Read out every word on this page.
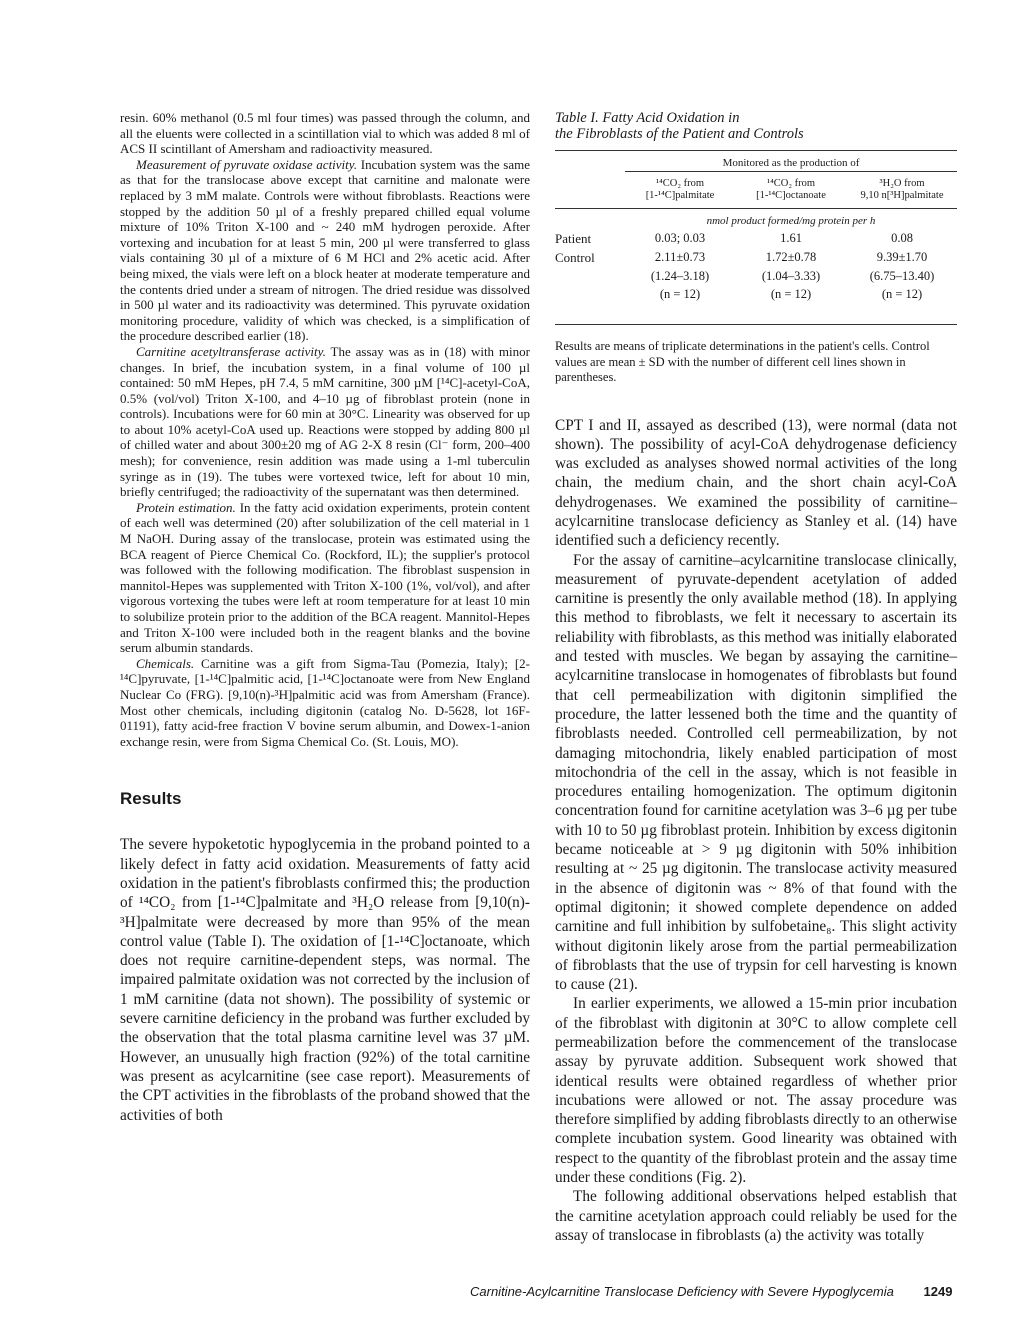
resin. 60% methanol (0.5 ml four times) was passed through the column, and all the eluents were collected in a scintillation vial to which was added 8 ml of ACS II scintillant of Amersham and radioactivity measured.

Measurement of pyruvate oxidase activity. Incubation system was the same as that for the translocase above except that carnitine and malonate were replaced by 3 mM malate. Controls were without fibroblasts. Reactions were stopped by the addition 50 µl of a freshly prepared chilled equal volume mixture of 10% Triton X-100 and ~ 240 mM hydrogen peroxide. After vortexing and incubation for at least 5 min, 200 µl were transferred to glass vials containing 30 µl of a mixture of 6 M HCl and 2% acetic acid. After being mixed, the vials were left on a block heater at moderate temperature and the contents dried under a stream of nitrogen. The dried residue was dissolved in 500 µl water and its radioactivity was determined. This pyruvate oxidation monitoring procedure, validity of which was checked, is a simplification of the procedure described earlier (18).

Carnitine acetyltransferase activity. The assay was as in (18) with minor changes. In brief, the incubation system, in a final volume of 100 µl contained: 50 mM Hepes, pH 7.4, 5 mM carnitine, 300 µM [¹⁴C]-acetyl-CoA, 0.5% (vol/vol) Triton X-100, and 4–10 µg of fibroblast protein (none in controls). Incubations were for 60 min at 30°C. Linearity was observed for up to about 10% acetyl-CoA used up. Reactions were stopped by adding 800 µl of chilled water and about 300±20 mg of AG 2-X 8 resin (Cl⁻ form, 200–400 mesh); for convenience, resin addition was made using a 1-ml tuberculin syringe as in (19). The tubes were vortexed twice, left for about 10 min, briefly centrifuged; the radioactivity of the supernatant was then determined.

Protein estimation. In the fatty acid oxidation experiments, protein content of each well was determined (20) after solubilization of the cell material in 1 M NaOH. During assay of the translocase, protein was estimated using the BCA reagent of Pierce Chemical Co. (Rockford, IL); the supplier's protocol was followed with the following modification. The fibroblast suspension in mannitol-Hepes was supplemented with Triton X-100 (1%, vol/vol), and after vigorous vortexing the tubes were left at room temperature for at least 10 min to solubilize protein prior to the addition of the BCA reagent. Mannitol-Hepes and Triton X-100 were included both in the reagent blanks and the bovine serum albumin standards.

Chemicals. Carnitine was a gift from Sigma-Tau (Pomezia, Italy); [2-¹⁴C]pyruvate, [1-¹⁴C]palmitic acid, [1-¹⁴C]octanoate were from New England Nuclear Co (FRG). [9,10(n)-³H]palmitic acid was from Amersham (France). Most other chemicals, including digitonin (catalog No. D-5628, lot 16F-01191), fatty acid-free fraction V bovine serum albumin, and Dowex-1-anion exchange resin, were from Sigma Chemical Co. (St. Louis, MO).

Results

The severe hypoketotic hypoglycemia in the proband pointed to a likely defect in fatty acid oxidation. Measurements of fatty acid oxidation in the patient's fibroblasts confirmed this; the production of ¹⁴CO₂ from [1-¹⁴C]palmitate and ³H₂O release from [9,10(n)-³H]palmitate were decreased by more than 95% of the mean control value (Table I). The oxidation of [1-¹⁴C]octanoate, which does not require carnitine-dependent steps, was normal. The impaired palmitate oxidation was not corrected by the inclusion of 1 mM carnitine (data not shown). The possibility of systemic or severe carnitine deficiency in the proband was further excluded by the observation that the total plasma carnitine level was 37 µM. However, an unusually high fraction (92%) of the total carnitine was present as acylcarnitine (see case report). Measurements of the CPT activities in the fibroblasts of the proband showed that the activities of both

Table I. Fatty Acid Oxidation in
the Fibroblasts of the Patient and Controls

	Monitored as the production of		
	¹⁴CO₂ from
[1-¹⁴C]palmitate	¹⁴CO₂ from
[1-¹⁴C]octanoate	³H₂O from
9,10 n[³H]palmitate
	nmol product formed/mg protein per h		
Patient	0.03; 0.03	1.61	0.08
Control	2.11±0.73	1.72±0.78	9.39±1.70
	(1.24–3.18)	(1.04–3.33)	(6.75–13.40)
	(n = 12)	(n = 12)	(n = 12)

Results are means of triplicate determinations in the patient's cells. Control values are mean ± SD with the number of different cell lines shown in parentheses.

CPT I and II, assayed as described (13), were normal (data not shown). The possibility of acyl-CoA dehydrogenase deficiency was excluded as analyses showed normal activities of the long chain, the medium chain, and the short chain acyl-CoA dehydrogenases. We examined the possibility of carnitine–acylcarnitine translocase deficiency as Stanley et al. (14) have identified such a deficiency recently.

For the assay of carnitine–acylcarnitine translocase clinically, measurement of pyruvate-dependent acetylation of added carnitine is presently the only available method (18). In applying this method to fibroblasts, we felt it necessary to ascertain its reliability with fibroblasts, as this method was initially elaborated and tested with muscles. We began by assaying the carnitine–acylcarnitine translocase in homogenates of fibroblasts but found that cell permeabilization with digitonin simplified the procedure, the latter lessened both the time and the quantity of fibroblasts needed. Controlled cell permeabilization, by not damaging mitochondria, likely enabled participation of most mitochondria of the cell in the assay, which is not feasible in procedures entailing homogenization. The optimum digitonin concentration found for carnitine acetylation was 3–6 µg per tube with 10 to 50 µg fibroblast protein. Inhibition by excess digitonin became noticeable at > 9 µg digitonin with 50% inhibition resulting at ~ 25 µg digitonin. The translocase activity measured in the absence of digitonin was ~ 8% of that found with the optimal digitonin; it showed complete dependence on added carnitine and full inhibition by sulfobetaine₈. This slight activity without digitonin likely arose from the partial permeabilization of fibroblasts that the use of trypsin for cell harvesting is known to cause (21).

In earlier experiments, we allowed a 15-min prior incubation of the fibroblast with digitonin at 30°C to allow complete cell permeabilization before the commencement of the translocase assay by pyruvate addition. Subsequent work showed that identical results were obtained regardless of whether prior incubations were allowed or not. The assay procedure was therefore simplified by adding fibroblasts directly to an otherwise complete incubation system. Good linearity was obtained with respect to the quantity of the fibroblast protein and the assay time under these conditions (Fig. 2).

The following additional observations helped establish that the carnitine acetylation approach could reliably be used for the assay of translocase in fibroblasts (a) the activity was totally

Carnitine-Acylcarnitine Translocase Deficiency with Severe Hypoglycemia 1249
